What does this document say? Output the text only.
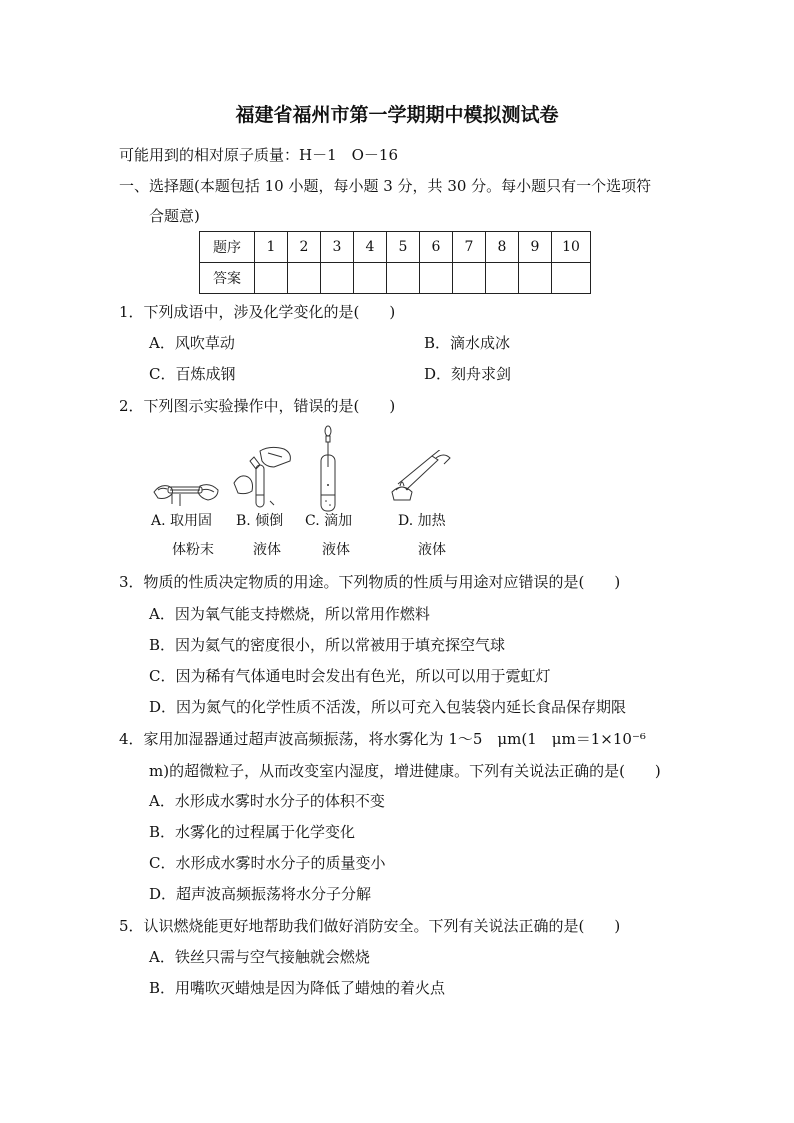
福建省福州市第一学期期中模拟测试卷
可能用到的相对原子质量：H－1　O－16
一、选择题(本题包括 10 小题，每小题 3 分，共 30 分。每小题只有一个选项符
合题意)
题序	1	2	3	4	5	6	7	8	9	10
答案										
1．下列成语中，涉及化学变化的是(　　)
A．风吹草动	B．滴水成冰
C．百炼成钢	D．刻舟求剑
2．下列图示实验操作中，错误的是(　　)
A. 取用固
体粉末
B. 倾倒
液体
C. 滴加
液体
D. 加热
液体
3．物质的性质决定物质的用途。下列物质的性质与用途对应错误的是(　　)
A．因为氧气能支持燃烧，所以常用作燃料
B．因为氦气的密度很小，所以常被用于填充探空气球
C．因为稀有气体通电时会发出有色光，所以可以用于霓虹灯
D．因为氮气的化学性质不活泼，所以可充入包装袋内延长食品保存期限
4．家用加湿器通过超声波高频振荡，将水雾化为 1～5　μm(1　μm＝1×10⁻⁶
m)的超微粒子，从而改变室内湿度，增进健康。下列有关说法正确的是(　　)
A．水形成水雾时水分子的体积不变
B．水雾化的过程属于化学变化
C．水形成水雾时水分子的质量变小
D．超声波高频振荡将水分子分解
5．认识燃烧能更好地帮助我们做好消防安全。下列有关说法正确的是(　　)
A．铁丝只需与空气接触就会燃烧
B．用嘴吹灭蜡烛是因为降低了蜡烛的着火点
